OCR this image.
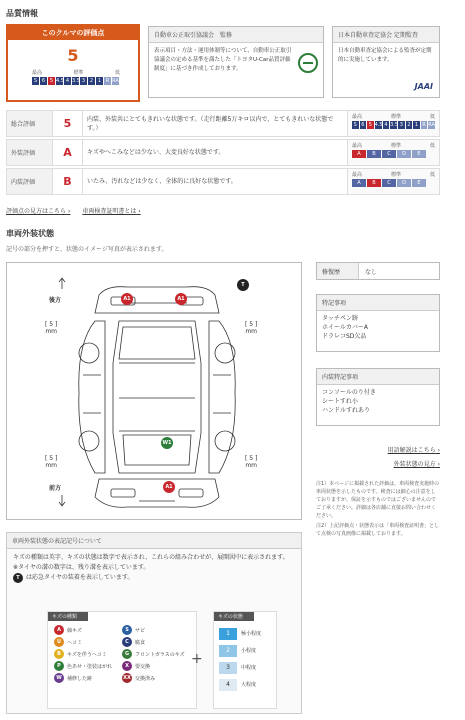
品質情報
このクルマの評価点
5
最高	標準	低
S 6 5 4.5 4 3.5 3 2 1 R RA
自動車公正取引協議会　監修
表示項目・方法・運用体制等について、自動車公正取引協議会の定める基準を満たした「トヨタU-Car品質評価制度」に基づき作成しております。
日本自動車査定協会 定期監査
日本自動車査定協会による監査が定期的に実施しています。
JAAI
総合評価	5	内装、外装共にとてもきれいな状態です。（走行距離5万キロ以内で、とてもきれいな状態です。）
最高	標準	低
S 6 5 4.5 4 3.5 3 2 1 R RA
外装評価	A	キズやへこみなどは少ない、大変良好な状態です。
最高	標準	低
A	B	C	D	E
内装評価	B	いたみ、汚れなどは少なく、全体的に良好な状態です。
最高	標準	低
A	B	C	D	E
評価点の見方はこちら › 車両検査証明書とは ›
車両外装状態
記号の部分を押すと、状態のイメージ写真が表示されます。
後方
前方
[ 5 ]
mm
[ 5 ]
mm
[ 5 ]
mm
[ 5 ]
mm
A1	A1
T
W1
A1
修復歴	なし
特記事項
タッチペン跡
ホイールカバーA
ドラレコSD欠品
内装特記事項
コンソールのり付き
シートすれ小
ハンドルすれあり
用語解説はこちら ›
外装状態の見方 ›
注1）本ページに掲載された評価は、車両検査実施時の車両状態を示したものです。検査には細心の注意をしておりますが、保証を示すものではございませんのでご了承ください。詳細は各店舗に直接お問い合わせください。
注2）上記評価点・状態表示は「車両検査証明書」として点検の写真画像に掲載しております。
車両外装状態の表記記号について
キズの種類は英字、キズの状態は数字で表示され、これらの組み合わせが、展開図中に表示されます。
※タイヤの溝の数字は、残り溝を表示しています。
T	は応急タイヤの装着を表示しています。
キズの種類
A	線キズ
U	ヘコミ
B	キズを伴うヘコミ
P	色あせ・塗装はがれ
W	補修した跡
S	サビ
C	腐食
G	フロントガラスのキズ
X	要交換
XX 交換済み
+
キズの状態
1	極小程度
2	小程度
3	中程度
4	大程度
